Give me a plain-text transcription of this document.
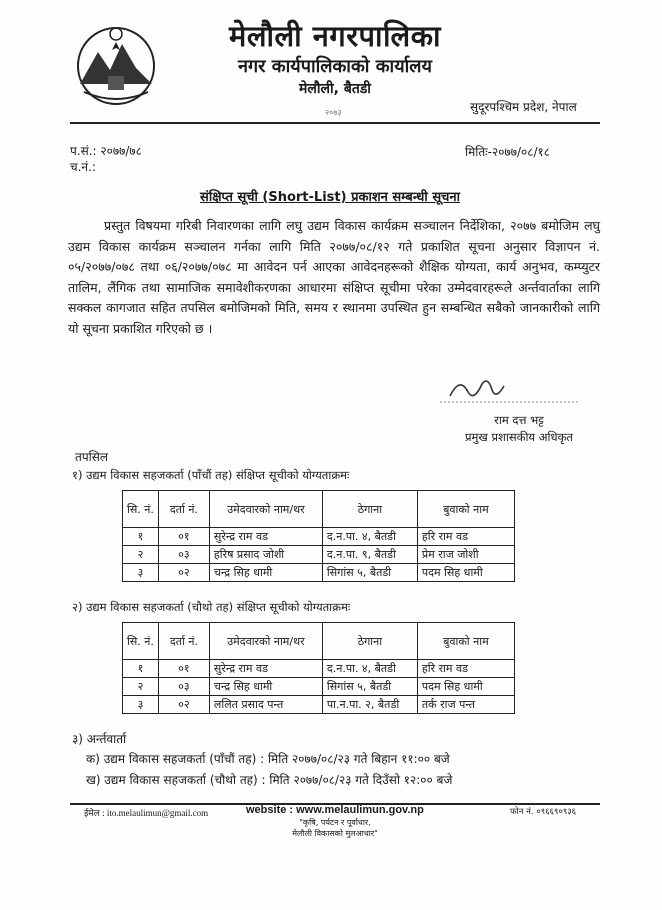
मेलौली नगरपालिका
नगर कार्यपालिकाको कार्यालय
मेलौली, बैतडी
२०७३	सुदूरपश्चिम प्रदेश, नेपाल
प.सं.: २०७७/७८
च.नं.:
मितिः-२०७७/०८/१८
संक्षिप्त सूची (Short-List) प्रकाशन सम्बन्धी सूचना
प्रस्तुत विषयमा गरिबी निवारणका लागि लघु उद्यम विकास कार्यक्रम सञ्चालन निर्देशिका, २०७७ बमोजिम लघु उद्यम विकास कार्यक्रम सञ्चालन गर्नका लागि मिति २०७७/०८/१२ गते प्रकाशित सूचना अनुसार विज्ञापन नं. ०५/२०७७/०७८ तथा ०६/२०७७/०७८ मा आवेदन पर्न आएका आवेदनहरूको शैक्षिक योग्यता, कार्य अनुभव, कम्प्युटर तालिम, लैंगिक तथा सामाजिक समावेशीकरणका आधारमा संक्षिप्त सूचीमा परेका उम्मेदवारहरूले अर्न्तवार्ताका लागि सक्कल कागजात सहित तपसिल बमोजिमको मिति, समय र स्थानमा उपस्थित हुन सम्बन्धित सबैको जानकारीको लागि यो सूचना प्रकाशित गरिएको छ ।
राम दत्त भट्ट
प्रमुख प्रशासकीय अधिकृत
तपसिल
१) उद्यम विकास सहजकर्ता (पाँचौं तह) संक्षिप्त सूचीको योग्यताक्रमः
सि. नं.	दर्ता नं.	उमेदवारको नाम/थर	ठेगाना	बुवाको नाम
१	०१	सुरेन्द्र राम वड	द.न.पा. ४, बैतडी	हरि राम वड
२	०३	हरिष प्रसाद जोशी	द.न.पा. ९, बैतडी	प्रेम राज जोशी
३	०२	चन्द्र सिह धामी	सिगांस ५, बैतडी	पदम सिह धामी
२) उद्यम विकास सहजकर्ता (चौथो तह) संक्षिप्त सूचीको योग्यताक्रमः
सि. नं.	दर्ता नं.	उमेदवारको नाम/थर	ठेगाना	बुवाको नाम
१	०१	सुरेन्द्र राम वड	द.न.पा. ४, बैतडी	हरि राम वड
२	०३	चन्द्र सिह धामी	सिगांस ५, बैतडी	पदम सिह धामी
३	०२	ललित प्रसाद पन्त	पा.न.पा. २, बैतडी	तर्क राज पन्त
३) अर्न्तवार्ता
क) उद्यम विकास सहजकर्ता (पाँचौं तह) : मिति २०७७/०८/२३ गते बिहान ११:०० बजे
ख) उद्यम विकास सहजकर्ता (चौथो तह) : मिति २०७७/०८/२३ गते दिउँसो १२:०० बजे
ईमेल : ito.melaulimun@gmail.com	website : www.melaulimun.gov.np	फोन नं. ०९६६९०९३६
"कृषि, पर्यटन र पूर्वाधार,
मेलौली विकासको मुलआधार"
